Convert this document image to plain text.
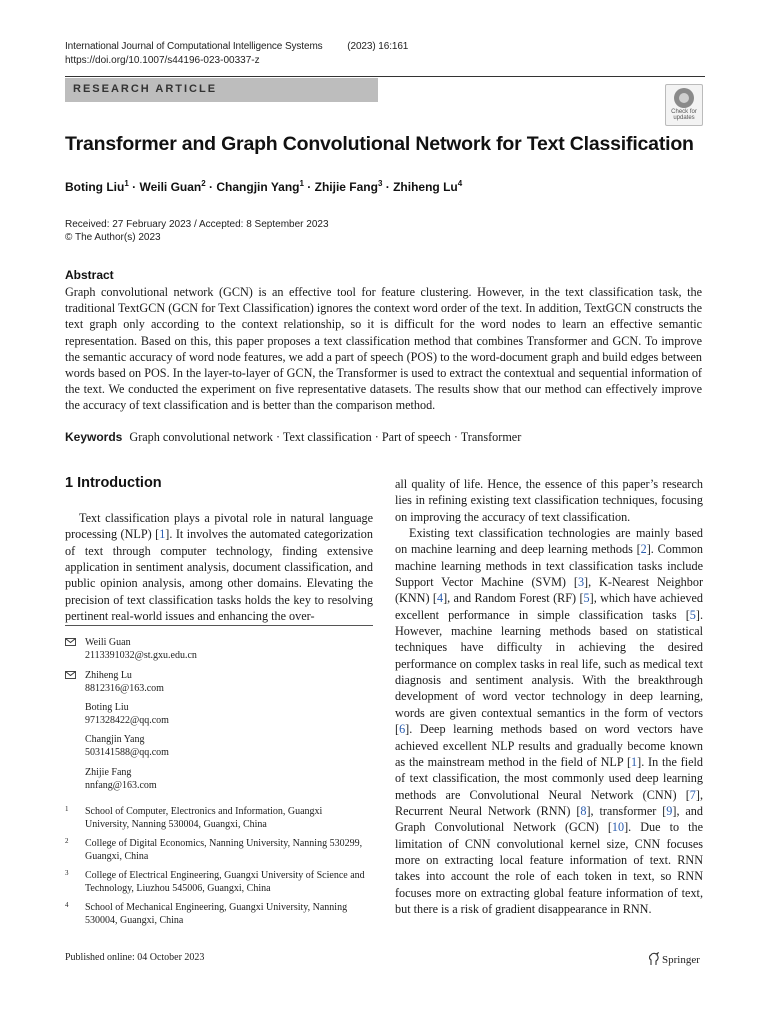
International Journal of Computational Intelligence Systems (2023) 16:161
https://doi.org/10.1007/s44196-023-00337-z
RESEARCH ARTICLE
Check for
updates
Transformer and Graph Convolutional Network for Text Classification
Boting Liu$^1$ · Weili Guan$^2$ · Changjin Yang$^1$ · Zhijie Fang$^3$ · Zhiheng Lu$^4$
Received: 27 February 2023 / Accepted: 8 September 2023
© The Author(s) 2023
Abstract
Graph convolutional network (GCN) is an effective tool for feature clustering. However, in the text classification task, the traditional TextGCN (GCN for Text Classification) ignores the context word order of the text. In addition, TextGCN constructs the text graph only according to the context relationship, so it is difficult for the word nodes to learn an effective semantic representation. Based on this, this paper proposes a text classification method that combines Transformer and GCN. To improve the semantic accuracy of word node features, we add a part of speech (POS) to the word-document graph and build edges between words based on POS. In the layer-to-layer of GCN, the Transformer is used to extract the contextual and sequential information of the text. We conducted the experiment on five representative datasets. The results show that our method can effectively improve the accuracy of text classification and is better than the comparison method.
Keywords Graph convolutional network · Text classification · Part of speech · Transformer
1 Introduction

Text classification plays a pivotal role in natural language processing (NLP) [1]. It involves the automated categorization of text through computer technology, finding extensive application in sentiment analysis, document classification, and public opinion analysis, among other domains. Elevating the precision of text classification tasks holds the key to resolving pertinent real-world issues and enhancing the over-

all quality of life. Hence, the essence of this paper’s research lies in refining existing text classification techniques, focusing on improving the accuracy of text classification.

Existing text classification technologies are mainly based on machine learning and deep learning methods [2]. Common machine learning methods in text classification tasks include Support Vector Machine (SVM) [3], K-Nearest Neighbor (KNN) [4], and Random Forest (RF) [5], which have achieved excellent performance in simple classification tasks [5]. However, machine learning methods based on statistical techniques have difficulty in achieving the desired performance on complex tasks in real life, such as medical text diagnosis and sentiment analysis. With the breakthrough development of word vector technology in deep learning, words are given contextual semantics in the form of vectors [6]. Deep learning methods based on word vectors have achieved excellent NLP results and gradually become known as the mainstream method in the field of NLP [1]. In the field of text classification, the most commonly used deep learning methods are Convolutional Neural Network (CNN) [7], Recurrent Neural Network (RNN) [8], transformer [9], and Graph Convolutional Network (GCN) [10]. Due to the limitation of CNN convolutional kernel size, CNN focuses more on extracting local feature information of text. RNN takes into account the role of each token in text, so RNN focuses more on extracting global feature information of text, but there is a risk of gradient disappearance in RNN.

Weili Guan
2113391032@st.gxu.edu.cn
Zhiheng Lu
8812316@163.com
Boting Liu
971328422@qq.com
Changjin Yang
503141588@qq.com
Zhijie Fang
nnfang@163.com
1 School of Computer, Electronics and Information, Guangxi University, Nanning 530004, Guangxi, China
2 College of Digital Economics, Nanning University, Nanning 530299, Guangxi, China
3 College of Electrical Engineering, Guangxi University of Science and Technology, Liuzhou 545006, Guangxi, China
4 School of Mechanical Engineering, Guangxi University, Nanning 530004, Guangxi, China
Published online: 04 October 2023	Springer
